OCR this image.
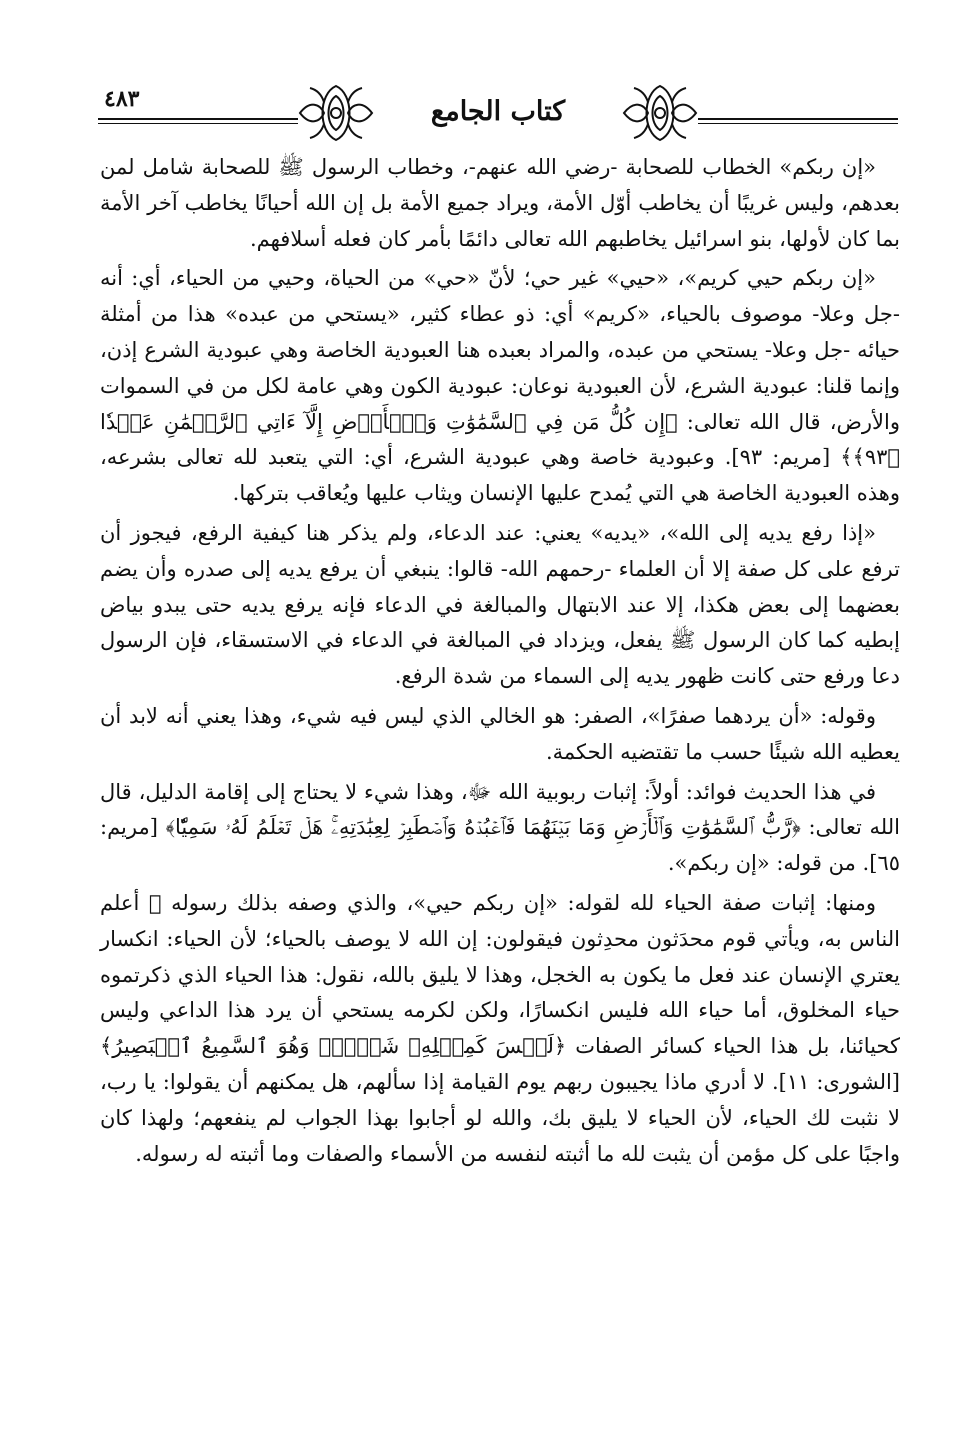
٤٨٣	كتاب الجامع

«إن ربكم» الخطاب للصحابة -رضي الله عنهم-، وخطاب الرسول ﷺ للصحابة شامل لمن بعدهم، وليس غريبًا أن يخاطب أوّل الأمة، ويراد جميع الأمة بل إن الله أحيانًا يخاطب آخر الأمة بما كان لأولها، بنو اسرائيل يخاطبهم الله تعالى دائمًا بأمر كان فعله أسلافهم.

«إن ربكم حيي كريم»، «حيي» غير حي؛ لأنّ «حي» من الحياة، وحيي من الحياء، أي: أنه -جل وعلا- موصوف بالحياء، «كريم» أي: ذو عطاء كثير، «يستحي من عبده» هذا من أمثلة حيائه -جل وعلا- يستحي من عبده، والمراد بعبده هنا العبودية الخاصة وهي عبودية الشرع إذن، وإنما قلنا: عبودية الشرع، لأن العبودية نوعان: عبودية الكون وهي عامة لكل من في السموات والأرض، قال الله تعالى: ﴿إِن كُلُّ مَن فِي ٱلسَّمَٰوَٰتِ وَٱلۡأَرۡضِ إِلَّآ ءَاتِي ٱلرَّحۡمَٰنِ عَبۡدٗا ﴿٩٣﴾﴾ [مريم: ٩٣]. وعبودية خاصة وهي عبودية الشرع، أي: التي يتعبد لله تعالى بشرعه، وهذه العبودية الخاصة هي التي يُمدح عليها الإنسان ويثاب عليها ويُعاقب بتركها.

«إذا رفع يديه إلى الله»، «يديه» يعني: عند الدعاء، ولم يذكر هنا كيفية الرفع، فيجوز أن ترفع على كل صفة إلا أن العلماء -رحمهم الله- قالوا: ينبغي أن يرفع يديه إلى صدره وأن يضم بعضهما إلى بعض هكذا، إلا عند الابتهال والمبالغة في الدعاء فإنه يرفع يديه حتى يبدو بياض إبطيه كما كان الرسول ﷺ يفعل، ويزداد في المبالغة في الدعاء في الاستسقاء، فإن الرسول دعا ورفع حتى كانت ظهور يديه إلى السماء من شدة الرفع.

وقوله: «أن يردهما صفرًا»، الصفر: هو الخالي الذي ليس فيه شيء، وهذا يعني أنه لابد أن يعطيه الله شيئًا حسب ما تقتضيه الحكمة.

في هذا الحديث فوائد: أولاً: إثبات ربوبية الله ﷻ، وهذا شيء لا يحتاج إلى إقامة الدليل، قال الله تعالى: ﴿رَّبُّ ٱلسَّمَٰوَٰتِ وَٱلۡأَرۡضِ وَمَا بَيۡنَهُمَا فَٱعۡبُدۡهُ وَٱصۡطَبِرۡ لِعِبَٰدَتِهِۦۚ هَلۡ تَعۡلَمُ لَهُۥ سَمِيّٗا﴾ [مريم: ٦٥]. من قوله: «إن ربكم».

ومنها: إثبات صفة الحياء لله لقوله: «إن ربكم حيي»، والذي وصفه بذلك رسوله ﷺ أعلم الناس به، ويأتي قوم محدَثون محدِثون فيقولون: إن الله لا يوصف بالحياء؛ لأن الحياء: انكسار يعتري الإنسان عند فعل ما يكون به الخجل، وهذا لا يليق بالله، نقول: هذا الحياء الذي ذكرتموه حياء المخلوق، أما حياء الله فليس انكسارًا، ولكن لكرمه يستحي أن يرد هذا الداعي وليس كحيائنا، بل هذا الحياء كسائر الصفات ﴿لَيۡسَ كَمِثۡلِهِۦ شَيۡءٞۖ وَهُوَ ٱلسَّمِيعُ ٱلۡبَصِيرُ﴾ [الشورى: ١١]. لا أدري ماذا يجيبون ربهم يوم القيامة إذا سألهم، هل يمكنهم أن يقولوا: يا رب، لا نثبت لك الحياء، لأن الحياء لا يليق بك، والله لو أجابوا بهذا الجواب لم ينفعهم؛ ولهذا كان واجبًا على كل مؤمن أن يثبت لله ما أثبته لنفسه من الأسماء والصفات وما أثبته له رسوله.
